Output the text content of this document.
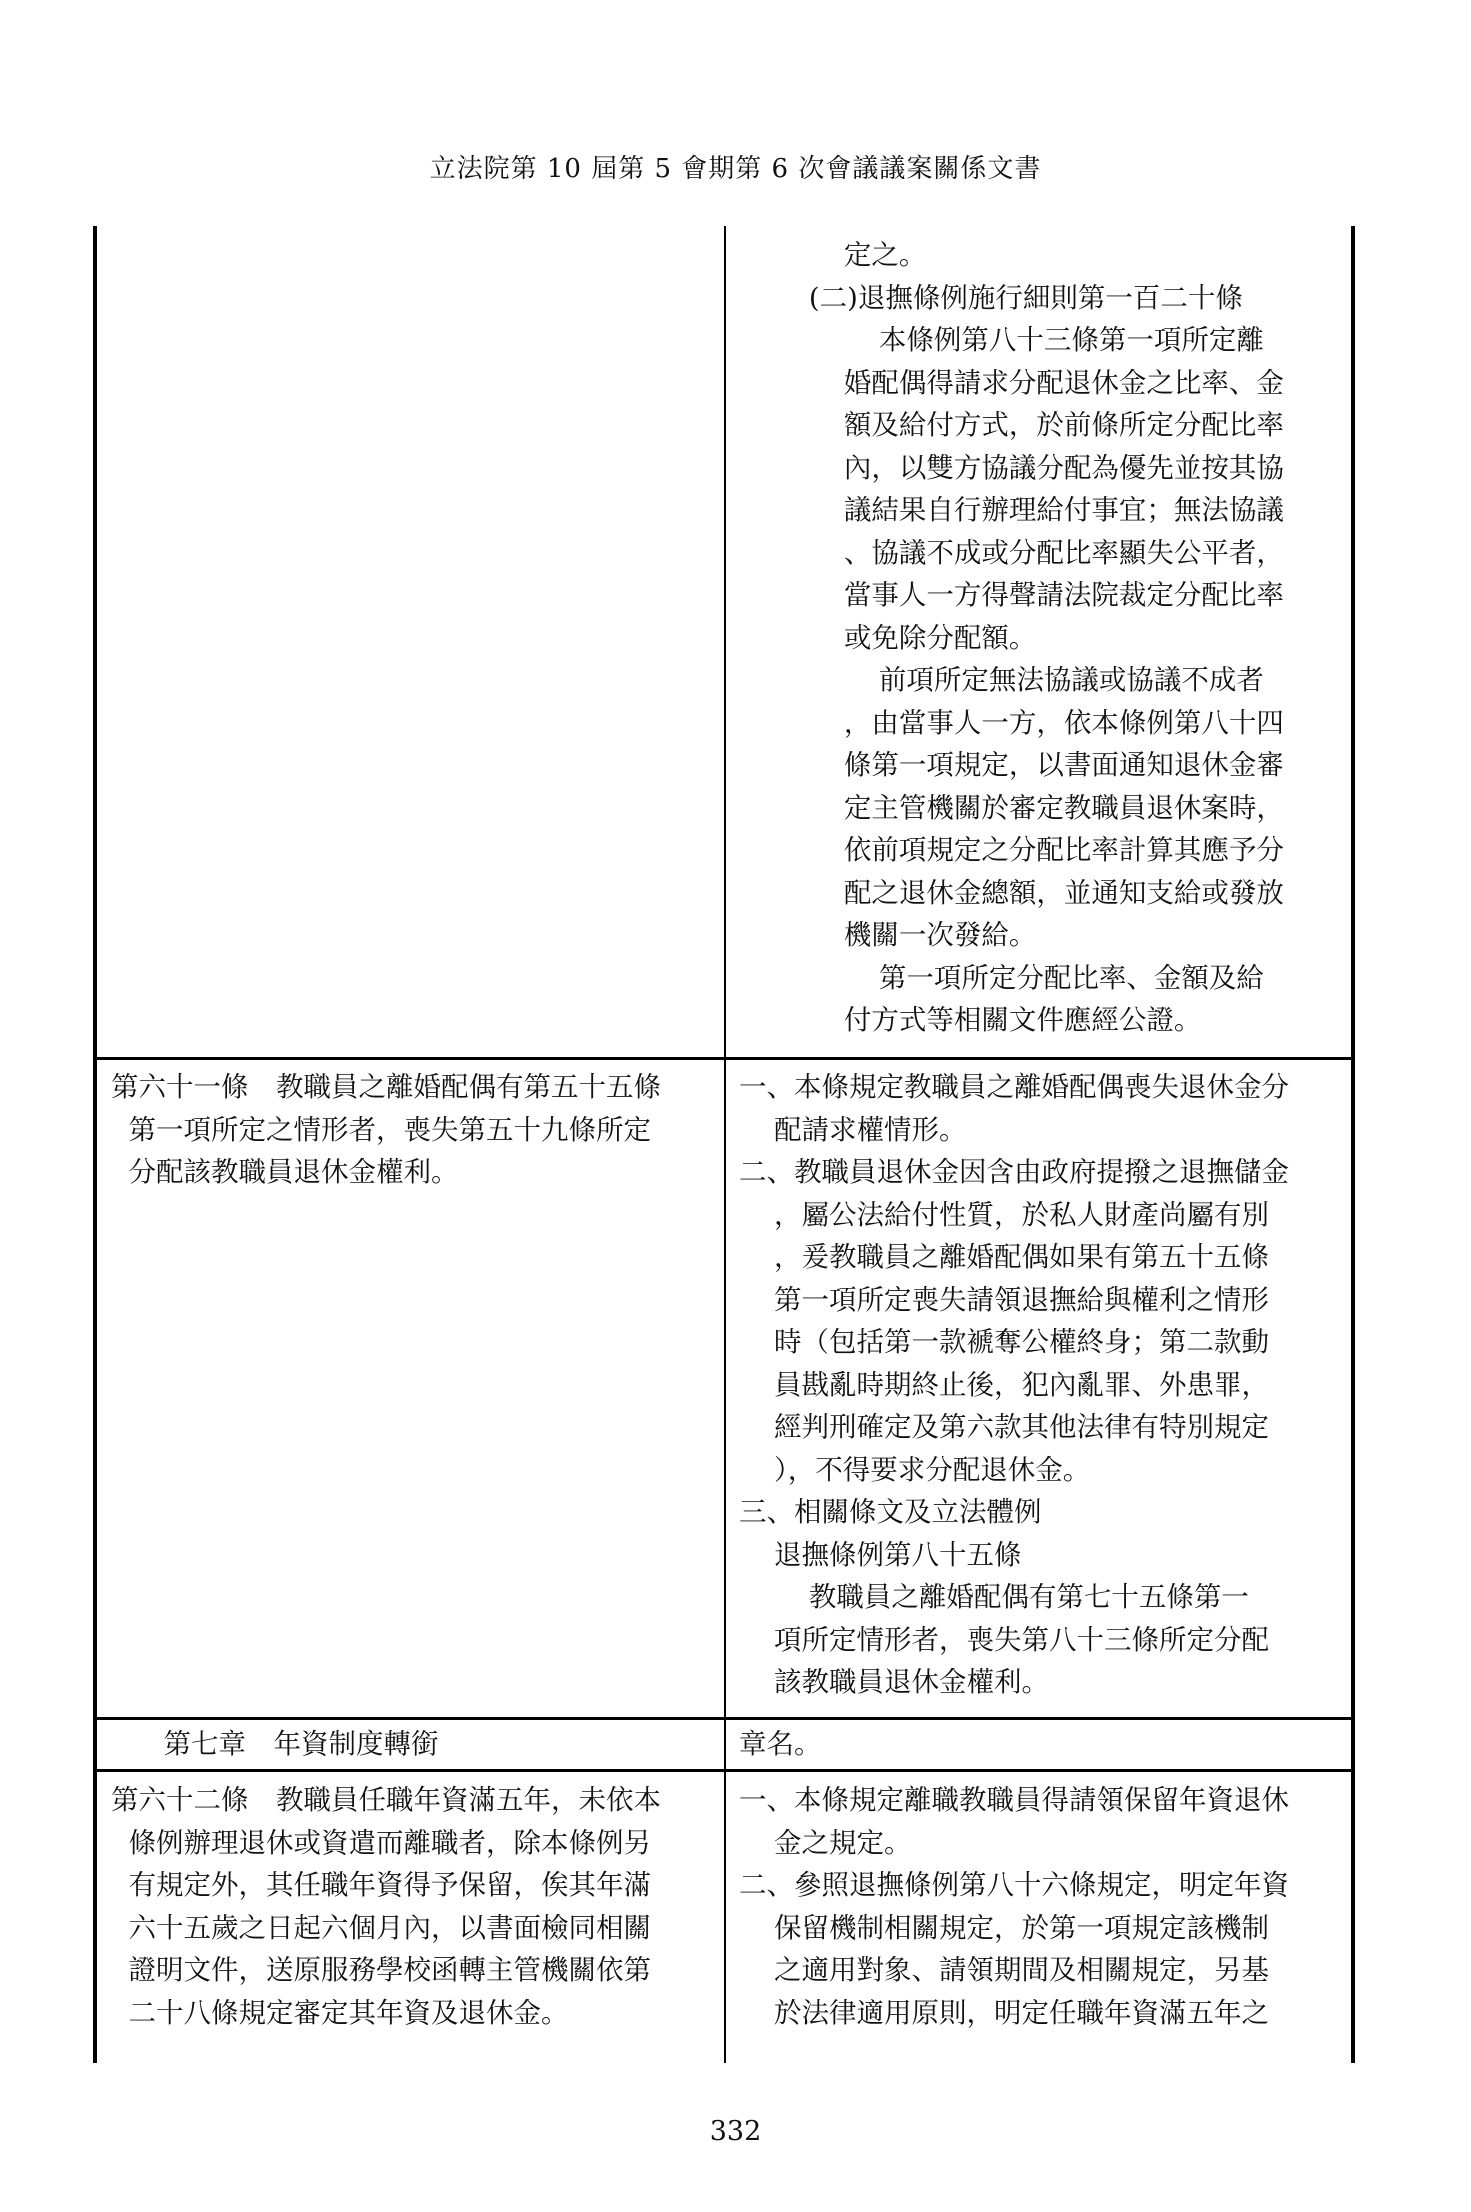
立法院第 10 屆第 5 會期第 6 次會議議案關係文書
定之。
(二)退撫條例施行細則第一百二十條
本條例第八十三條第一項所定離
婚配偶得請求分配退休金之比率、金
額及給付方式，於前條所定分配比率
內，以雙方協議分配為優先並按其協
議結果自行辦理給付事宜；無法協議
、協議不成或分配比率顯失公平者，
當事人一方得聲請法院裁定分配比率
或免除分配額。
前項所定無法協議或協議不成者
，由當事人一方，依本條例第八十四
條第一項規定，以書面通知退休金審
定主管機關於審定教職員退休案時，
依前項規定之分配比率計算其應予分
配之退休金總額，並通知支給或發放
機關一次發給。
第一項所定分配比率、金額及給
付方式等相關文件應經公證。
第六十一條　教職員之離婚配偶有第五十五條
第一項所定之情形者，喪失第五十九條所定
分配該教職員退休金權利。
一、本條規定教職員之離婚配偶喪失退休金分
配請求權情形。
二、教職員退休金因含由政府提撥之退撫儲金
，屬公法給付性質，於私人財產尚屬有別
，爰教職員之離婚配偶如果有第五十五條
第一項所定喪失請領退撫給與權利之情形
時（包括第一款褫奪公權終身；第二款動
員戡亂時期終止後，犯內亂罪、外患罪，
經判刑確定及第六款其他法律有特別規定
），不得要求分配退休金。
三、相關條文及立法體例
退撫條例第八十五條
教職員之離婚配偶有第七十五條第一
項所定情形者，喪失第八十三條所定分配
該教職員退休金權利。
第七章　年資制度轉銜	章名。
第六十二條　教職員任職年資滿五年，未依本
條例辦理退休或資遣而離職者，除本條例另
有規定外，其任職年資得予保留，俟其年滿
六十五歲之日起六個月內，以書面檢同相關
證明文件，送原服務學校函轉主管機關依第
二十八條規定審定其年資及退休金。
一、本條規定離職教職員得請領保留年資退休
金之規定。
二、參照退撫條例第八十六條規定，明定年資
保留機制相關規定，於第一項規定該機制
之適用對象、請領期間及相關規定，另基
於法律適用原則，明定任職年資滿五年之
332
